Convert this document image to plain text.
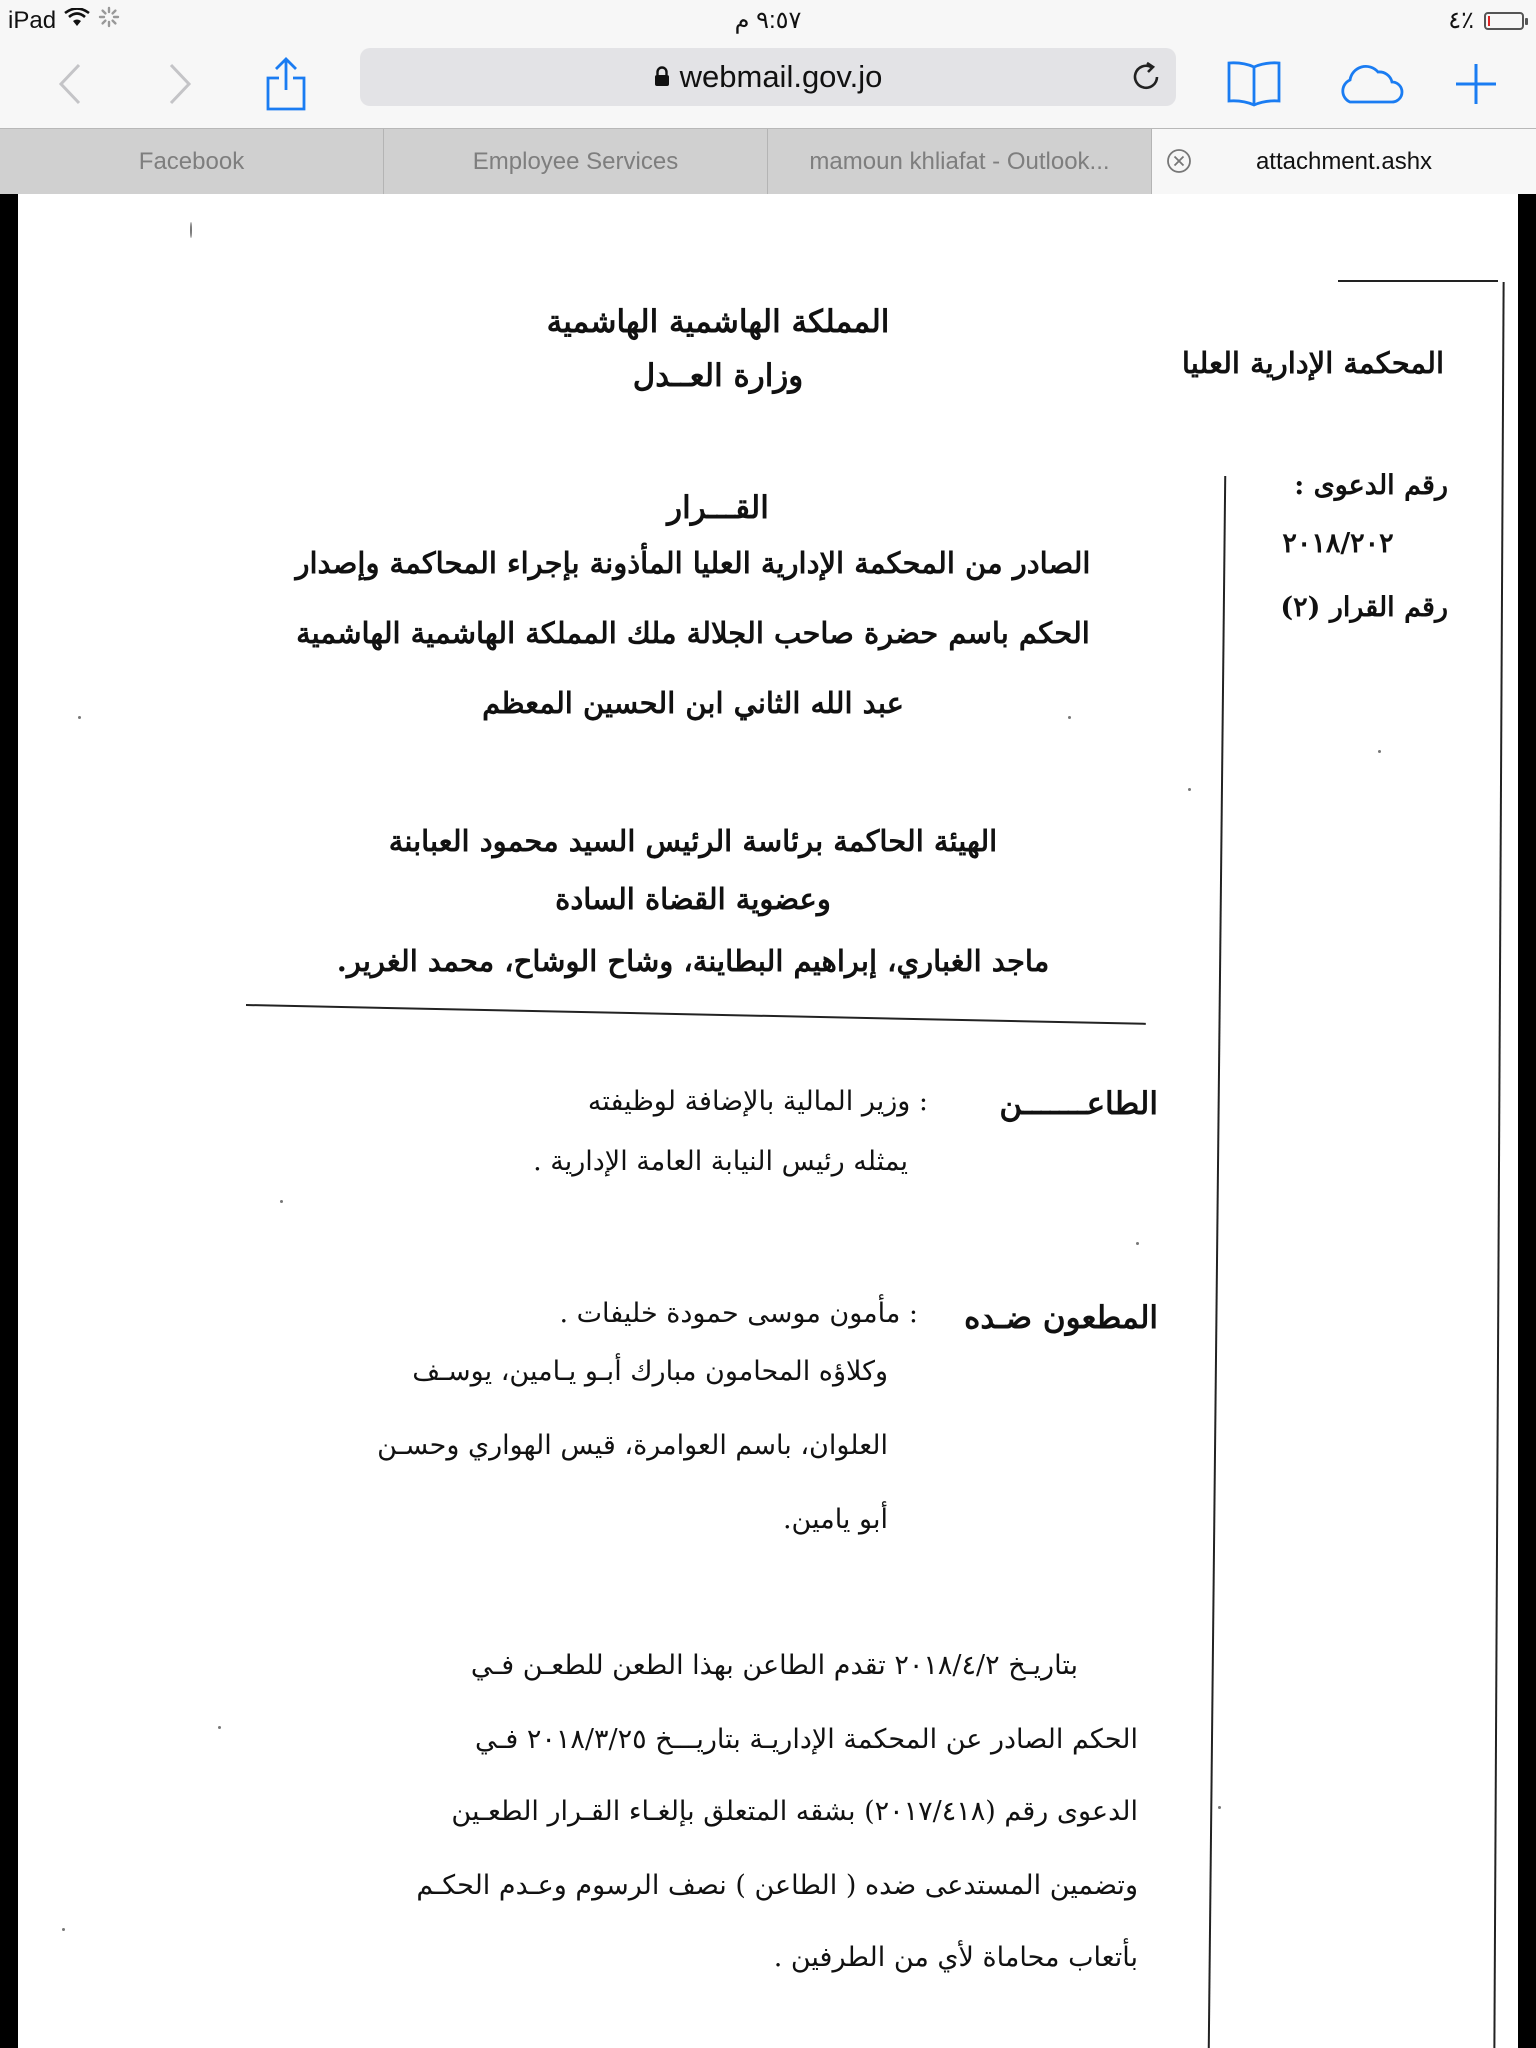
iPad	٩:٥٧ م	٤٪
webmail.gov.jo
Facebook	Employee Services	mamoun khliafat - Outlook...	attachment.ashx
المملكة الهاشمية الهاشمية
وزارة العــدل	المحكمة الإدارية العليا
رقم الدعوى :
٢٠١٨/٢٠٢
رقم القرار (٢)
القـــرار
الصادر من المحكمة الإدارية العليا المأذونة بإجراء المحاكمة وإصدار
الحكم باسم حضرة صاحب الجلالة ملك المملكة الهاشمية الهاشمية
عبد الله الثاني ابن الحسين المعظم
الهيئة الحاكمة برئاسة الرئيس السيد محمود العبابنة
وعضوية القضاة السادة
ماجد الغباري، إبراهيم البطاينة، وشاح الوشاح، محمد الغرير.
الطاعـــــــن
: وزير المالية بالإضافة لوظيفته
يمثله رئيس النيابة العامة الإدارية .
المطعون ضـده
: مأمون موسى حمودة خليفات .
وكلاؤه المحامون مبارك أبـو يـامين، يوسـف
العلوان، باسم العوامرة، قيس الهواري وحسـن
أبو يامين.
بتاريـخ ٢٠١٨/٤/٢ تقدم الطاعن بهذا الطعن للطعـن فـي
الحكم الصادر عن المحكمة الإداريـة بتاريـــخ ٢٠١٨/٣/٢٥ فـي
الدعوى رقم (٢٠١٧/٤١٨) بشقه المتعلق بإلغـاء القـرار الطعـين
وتضمين المستدعى ضده ( الطاعن ) نصف الرسوم وعـدم الحكـم
بأتعاب محاماة لأي من الطرفين .
